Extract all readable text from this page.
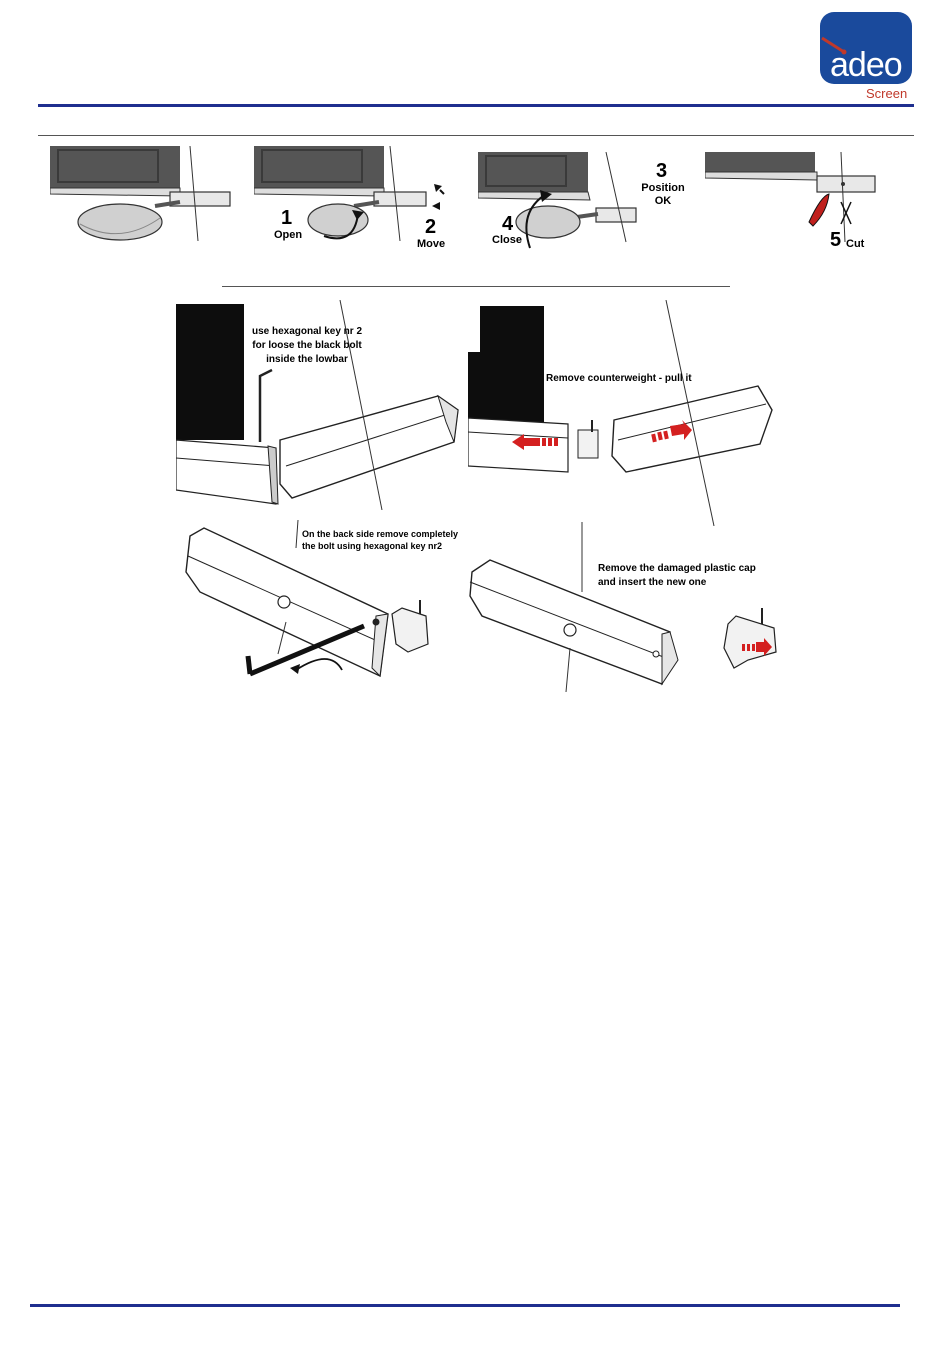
adeo
Screen
1
Open	2
Move
3
Position
OK
4
Close	5 Cut
use hexagonal key nr 2
for loose the black bolt
inside the lowbar
Remove counterweight - pull it
On the back side remove completely
the bolt using hexagonal key nr2
Remove the damaged plastic cap
and insert the new one
